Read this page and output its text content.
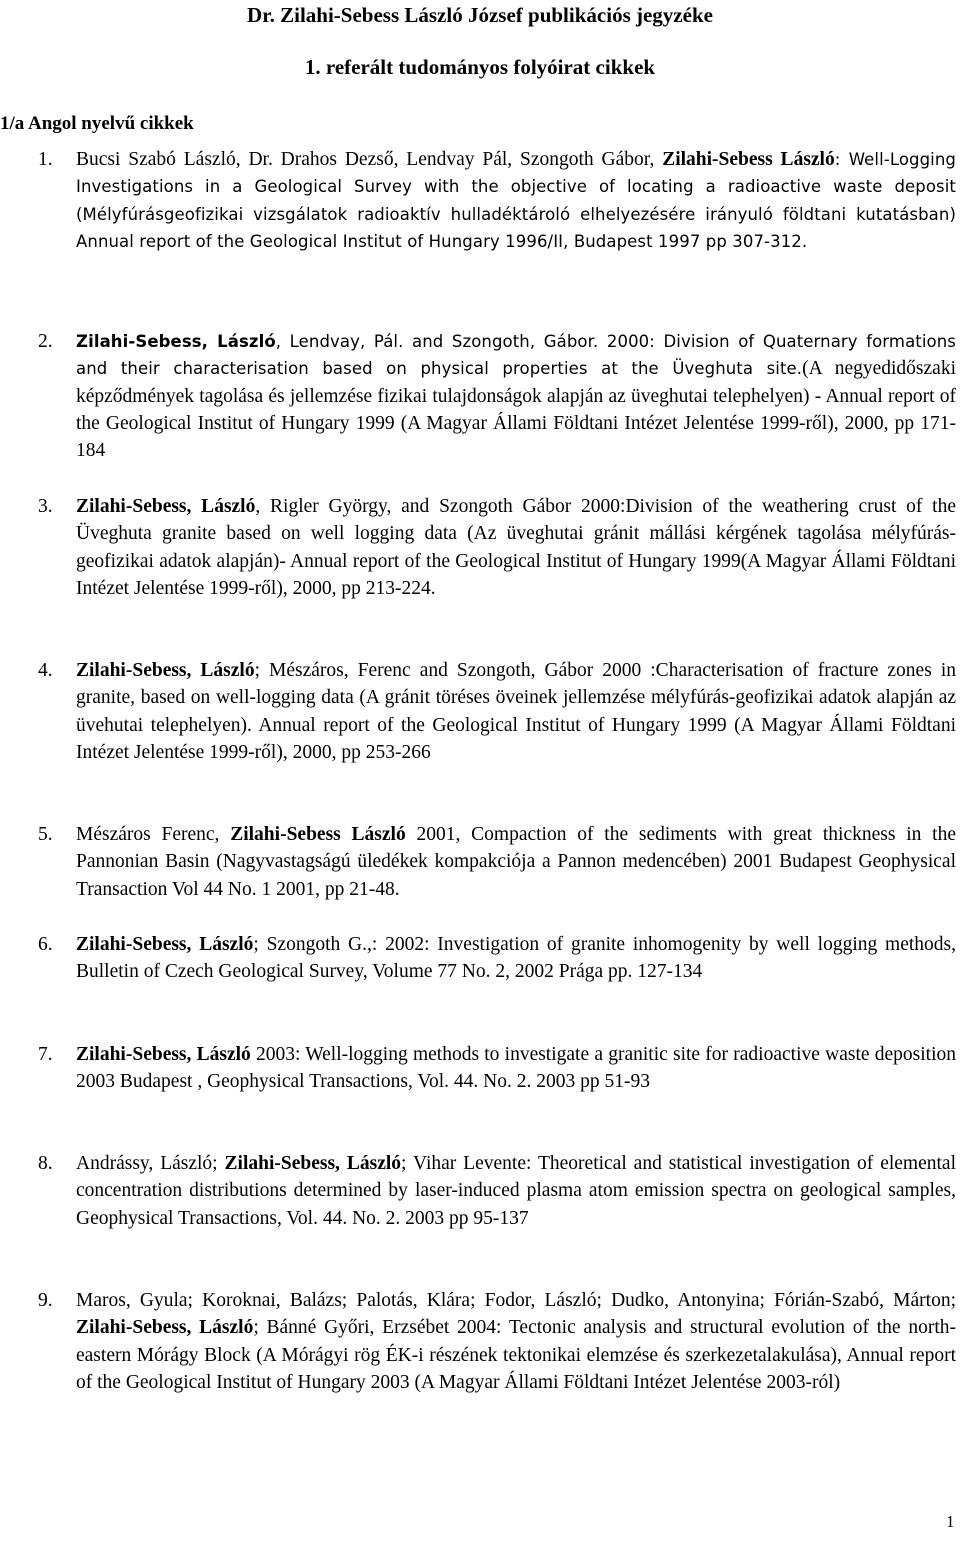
Dr. Zilahi-Sebess László József publikációs jegyzéke
1. referált tudományos folyóirat cikkek
1/a Angol nyelvű cikkek
1. Bucsi Szabó László, Dr. Drahos Dezső, Lendvay Pál, Szongoth Gábor, Zilahi-Sebess László: Well-Logging Investigations in a Geological Survey with the objective of locating a radioactive waste deposit (Mélyfúrásgeofizikai vizsgálatok radioaktív hulladéktároló elhelyezésére irányuló földtani kutatásban) Annual report of the Geological Institut of Hungary 1996/II, Budapest 1997 pp 307-312.
2. Zilahi-Sebess, László, Lendvay, Pál. and Szongoth, Gábor. 2000: Division of Quaternary formations and their characterisation based on physical properties at the Üveghuta site.(A negyedidőszaki képződmények tagolása és jellemzése fizikai tulajdonságok alapján az üveghutai telephelyen) - Annual report of the Geological Institut of Hungary 1999 (A Magyar Állami Földtani Intézet Jelentése 1999-ről), 2000, pp 171-184
3. Zilahi-Sebess, László, Rigler György, and Szongoth Gábor 2000:Division of the weathering crust of the Üveghuta granite based on well logging data (Az üveghutai gránit mállási kérgének tagolása mélyfúrás-geofizikai adatok alapján)- Annual report of the Geological Institut of Hungary 1999(A Magyar Állami Földtani Intézet Jelentése 1999-ről), 2000, pp 213-224.
4. Zilahi-Sebess, László; Mészáros, Ferenc and Szongoth, Gábor 2000 :Characterisation of fracture zones in granite, based on well-logging data (A gránit töréses öveinek jellemzése mélyfúrás-geofizikai adatok alapján az üvehutai telephelyen). Annual report of the Geological Institut of Hungary 1999 (A Magyar Állami Földtani Intézet Jelentése 1999-ről), 2000, pp 253-266
5. Mészáros Ferenc, Zilahi-Sebess László 2001, Compaction of the sediments with great thickness in the Pannonian Basin (Nagyvastagságú üledékek kompakciója a Pannon medencében) 2001 Budapest Geophysical Transaction Vol 44 No. 1 2001, pp 21-48.
6. Zilahi-Sebess, László; Szongoth G.,: 2002: Investigation of granite inhomogenity by well logging methods, Bulletin of Czech Geological Survey, Volume 77 No. 2, 2002 Prága pp. 127-134
7. Zilahi-Sebess, László 2003: Well-logging methods to investigate a granitic site for radioactive waste deposition 2003 Budapest , Geophysical Transactions, Vol. 44. No. 2. 2003 pp 51-93
8. Andrássy, László; Zilahi-Sebess, László; Vihar Levente: Theoretical and statistical investigation of elemental concentration distributions determined by laser-induced plasma atom emission spectra on geological samples, Geophysical Transactions, Vol. 44. No. 2. 2003 pp 95-137
9. Maros, Gyula; Koroknai, Balázs; Palotás, Klára; Fodor, László; Dudko, Antonyina; Fórián-Szabó, Márton; Zilahi-Sebess, László; Bánné Győri, Erzsébet 2004: Tectonic analysis and structural evolution of the north-eastern Mórágy Block (A Mórágyi rög ÉK-i részének tektonikai elemzése és szerkezetalakulása), Annual report of the Geological Institut of Hungary 2003 (A Magyar Állami Földtani Intézet Jelentése 2003-ról)
1
